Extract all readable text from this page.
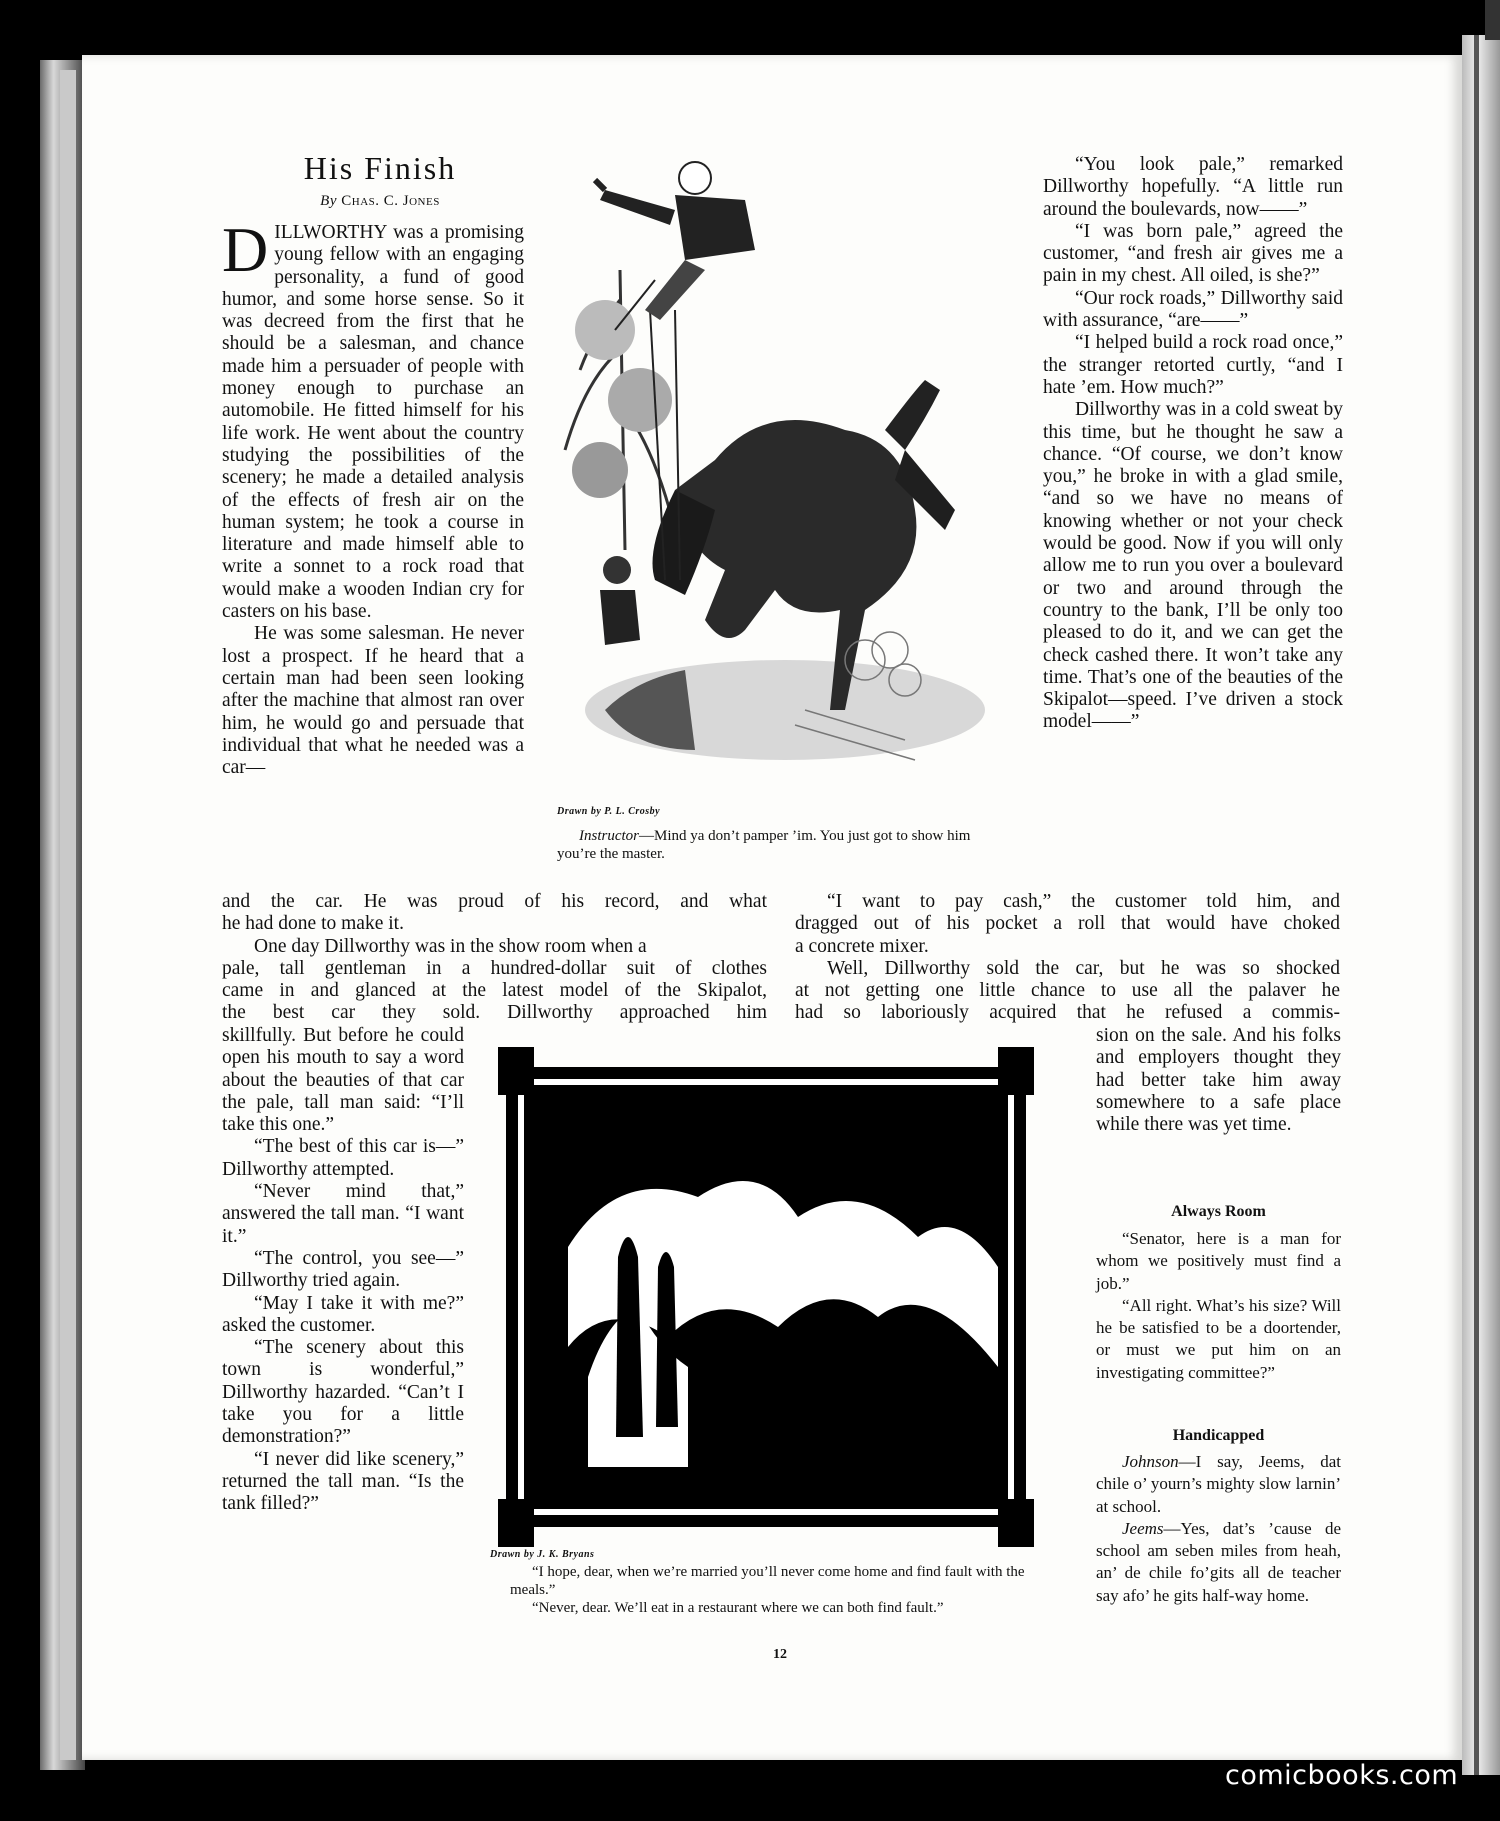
His Finish
By Chas. C. Jones

DILLWORTHY was a promising young fellow with an engaging personality, a fund of good humor, and some horse sense. So it was decreed from the first that he should be a salesman, and chance made him a persuader of people with money enough to purchase an automobile. He fitted himself for his life work. He went about the country studying the possibilities of the scenery; he made a detailed analysis of the effects of fresh air on the human system; he took a course in literature and made himself able to write a sonnet to a rock road that would make a wooden Indian cry for casters on his base.

He was some salesman. He never lost a prospect. If he heard that a certain man had been seen looking after the machine that almost ran over him, he would go and persuade that individual that what he needed was a car—

Drawn by P. L. Crosby
Instructor—Mind ya don’t pamper ’im. You just got to show him you’re the master.

“You look pale,” remarked Dillworthy hopefully. “A little run around the boulevards, now——”

“I was born pale,” agreed the customer, “and fresh air gives me a pain in my chest. All oiled, is she?”

“Our rock roads,” Dillworthy said with assurance, “are——”

“I helped build a rock road once,” the stranger retorted curtly, “and I hate ’em. How much?”

Dillworthy was in a cold sweat by this time, but he thought he saw a chance. “Of course, we don’t know you,” he broke in with a glad smile, “and so we have no means of knowing whether or not your check would be good. Now if you will only allow me to run you over a boulevard or two and around through the country to the bank, I’ll be only too pleased to do it, and we can get the check cashed there. It won’t take any time. That’s one of the beauties of the Skipalot—speed. I’ve driven a stock model——”

and the car. He was proud of his record, and what
he had done to make it.
One day Dillworthy was in the show room when a
pale, tall gentleman in a hundred-dollar suit of clothes
came in and glanced at the latest model of the Skipalot,
the best car they sold. Dillworthy approached him
“I want to pay cash,” the customer told him, and
dragged out of his pocket a roll that would have choked
a concrete mixer.
Well, Dillworthy sold the car, but he was so shocked
at not getting one little chance to use all the palaver he
had so laboriously acquired that he refused a commis-

skillfully. But before he could open his mouth to say a word about the beauties of that car the pale, tall man said: “I’ll take this one.”

“The best of this car is—” Dillworthy attempted.

“Never mind that,” answered the tall man. “I want it.”

“The control, you see—” Dillworthy tried again.

“May I take it with me?” asked the customer.

“The scenery about this town is wonderful,” Dillworthy hazarded. “Can’t I take you for a little demonstration?”

“I never did like scenery,” returned the tall man. “Is the tank filled?”

Drawn by J. K. Bryans

“I hope, dear, when we’re married you’ll never come home and find fault with the meals.”

“Never, dear. We’ll eat in a restaurant where we can both find fault.”

sion on the sale. And his folks and employers thought they had better take him away somewhere to a safe place while there was yet time.

Always Room

“Senator, here is a man for whom we positively must find a job.”

“All right. What’s his size? Will he be satisfied to be a doortender, or must we put him on an investigating committee?”

Handicapped

Johnson—I say, Jeems, dat chile o’ yourn’s mighty slow larnin’ at school.

Jeems—Yes, dat’s ’cause de school am seben miles from heah, an’ de chile fo’gits all de teacher say afo’ he gits half-way home.

12
comicbooks.com
